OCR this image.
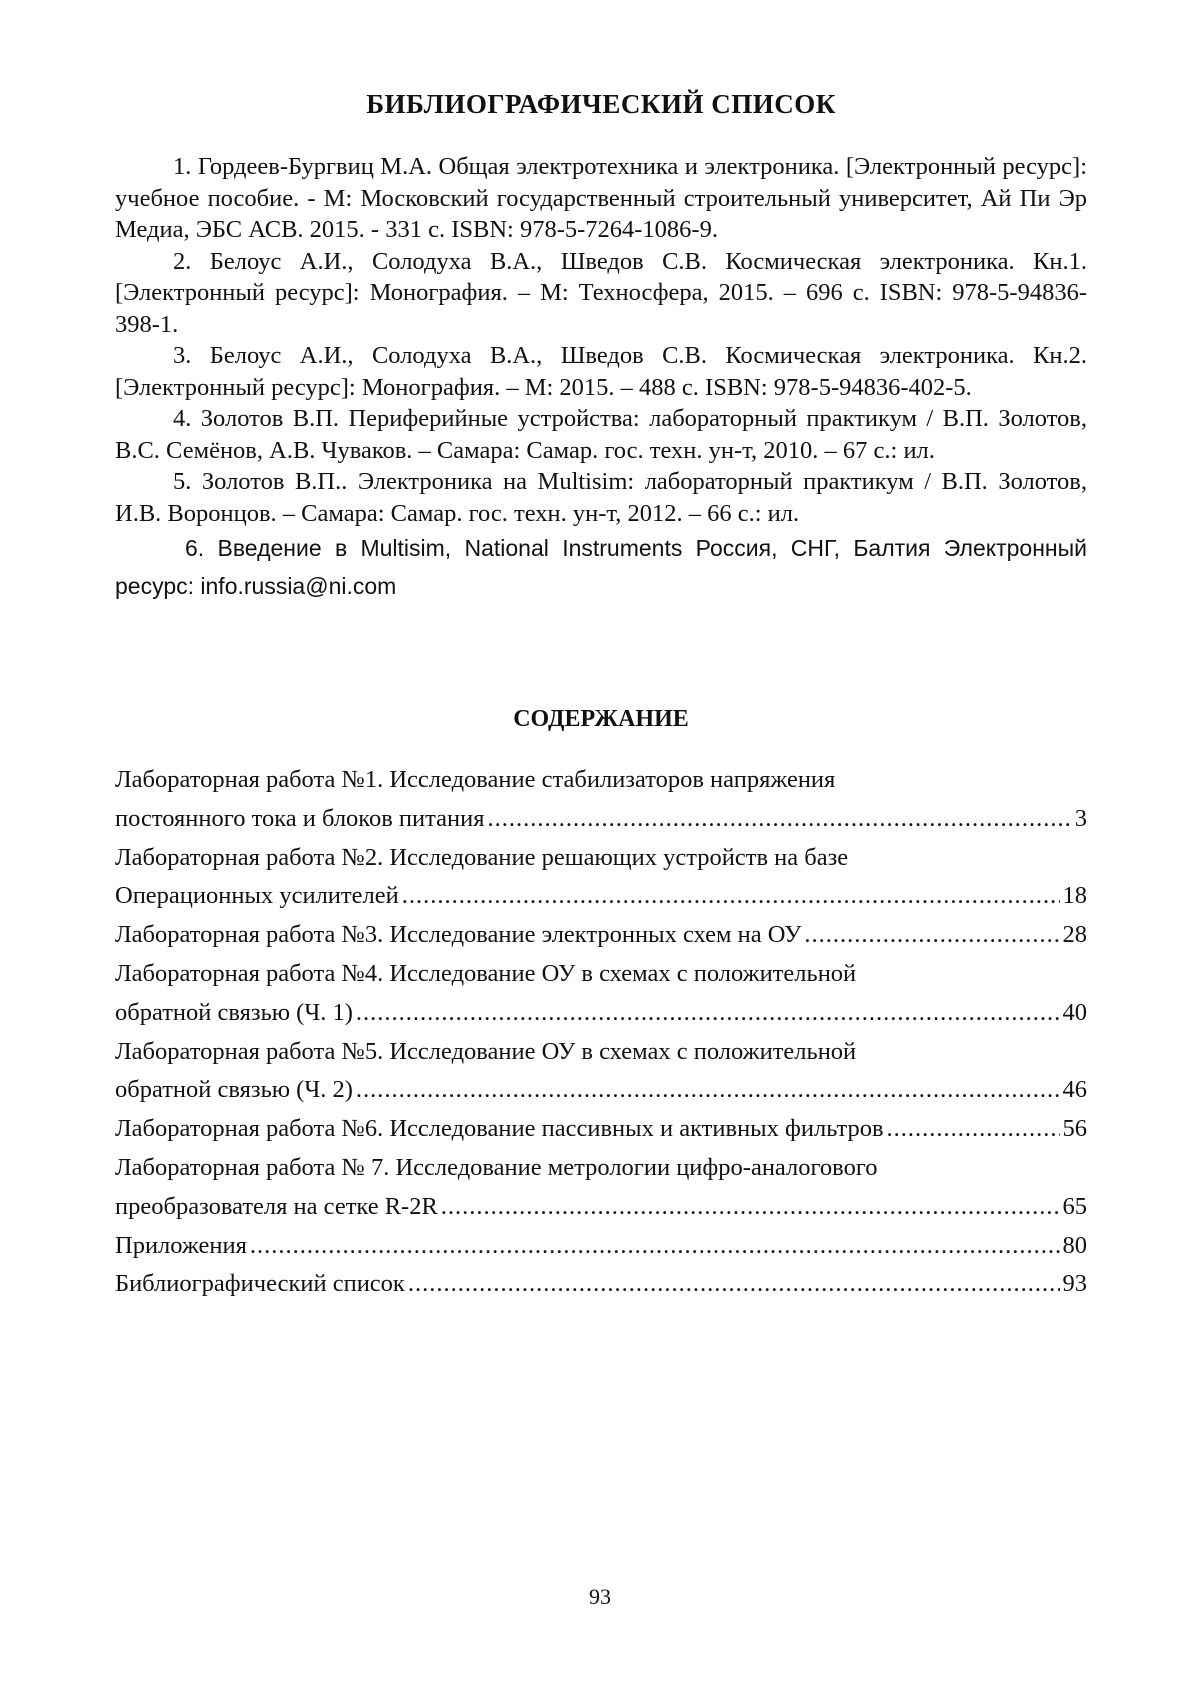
БИБЛИОГРАФИЧЕСКИЙ СПИСОК

1. Гордеев-Бургвиц М.А. Общая электротехника и электроника. [Электронный ресурс]: учебное пособие. - М: Московский государственный строительный университет, Ай Пи Эр Медиа, ЭБС АСВ. 2015. - 331 с. ISBN: 978-5-7264-1086-9.

2. Белоус А.И., Солодуха В.А., Шведов С.В. Космическая электроника. Кн.1. [Электронный ресурс]: Монография. – М: Техносфера, 2015. – 696 с. ISBN: 978-5-94836-398-1.

3. Белоус А.И., Солодуха В.А., Шведов С.В. Космическая электроника. Кн.2. [Электронный ресурс]: Монография. – М: 2015. – 488 с. ISBN: 978-5-94836-402-5.

4. Золотов В.П. Периферийные устройства: лабораторный практикум / В.П. Золотов, В.С. Семёнов, А.В. Чуваков. – Самара: Самар. гос. техн. ун-т, 2010. – 67 с.: ил.

5. Золотов В.П.. Электроника на Multisim: лабораторный практикум / В.П. Золотов, И.В. Воронцов. – Самара: Самар. гос. техн. ун-т, 2012. – 66 с.: ил.

6. Введение в Multisim, National Instruments Россия, СНГ, Балтия Электронный ресурс: info.russia@ni.com

СОДЕРЖАНИЕ
Лабораторная работа №1. Исследование стабилизаторов напряжения
постоянного тока и блоков питания .....	3
Лабораторная работа №2. Исследование решающих устройств на базе
Операционных усилителей .....	18
Лабораторная работа №3. Исследование электронных схем на ОУ .....	28
Лабораторная работа №4. Исследование ОУ в схемах с положительной
обратной связью (Ч. 1) .....	40
Лабораторная работа №5. Исследование ОУ в схемах с положительной
обратной связью (Ч. 2) .....	46
Лабораторная работа №6. Исследование пассивных и активных фильтров .....	56
Лабораторная работа № 7. Исследование метрологии цифро-аналогового
преобразователя на сетке R-2R .....	65
Приложения .....	80
Библиографический список .....	93
93
